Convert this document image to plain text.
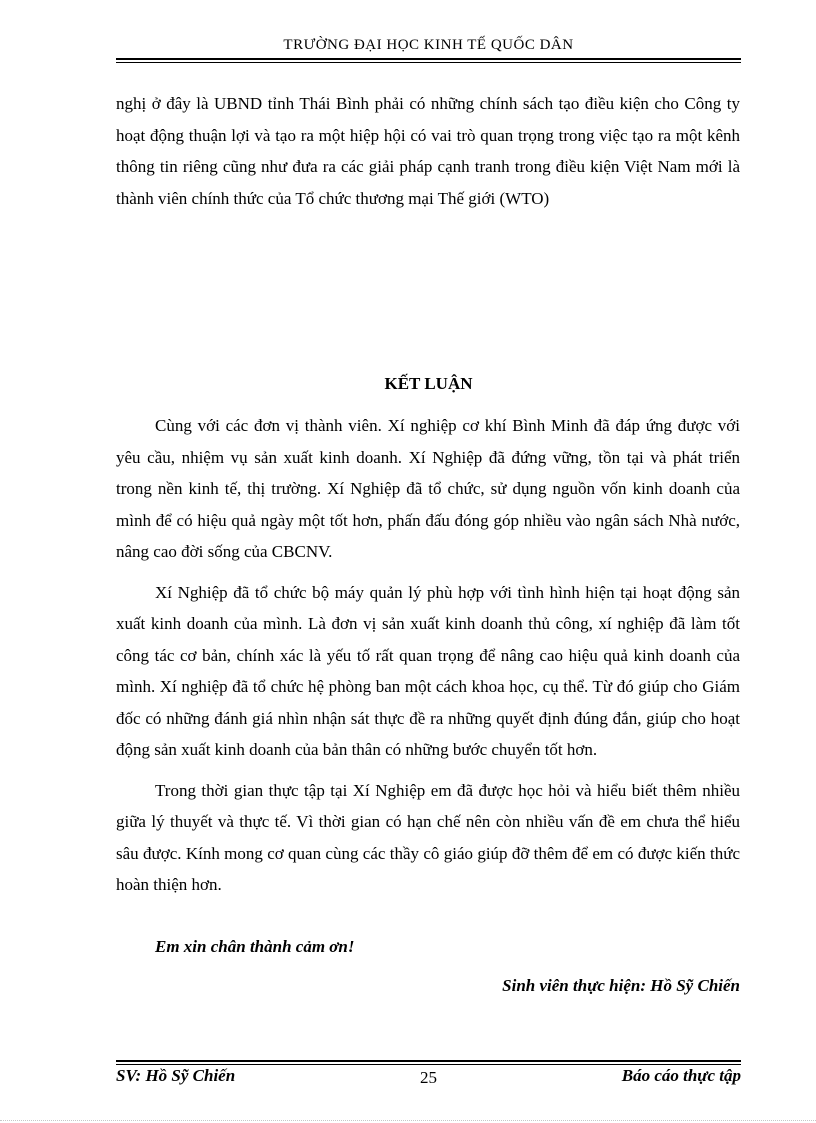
TRƯỜNG ĐẠI HỌC KINH TẾ QUỐC DÂN

nghị ở đây là UBND tỉnh Thái Bình phải có những chính sách tạo điều kiện cho Công ty hoạt động thuận lợi và tạo ra một hiệp hội có vai trò quan trọng trong việc tạo ra một kênh thông tin riêng cũng như đưa ra các giải pháp cạnh tranh trong điều kiện Việt Nam mới là thành viên chính thức của Tổ chức thương mại Thế giới (WTO)

KẾT LUẬN

Cùng với các đơn vị thành viên. Xí nghiệp cơ khí Bình Minh đã đáp ứng được với yêu cầu, nhiệm vụ sản xuất kinh doanh. Xí Nghiệp đã đứng vững, tồn tại và phát triển trong nền kinh tế, thị trường. Xí Nghiệp đã tổ chức, sử dụng nguồn vốn kinh doanh của mình để có hiệu quả ngày một tốt hơn, phấn đấu đóng góp nhiều vào ngân sách Nhà nước, nâng cao đời sống của CBCNV.

Xí Nghiệp đã tổ chức bộ máy quản lý phù hợp với tình hình hiện tại hoạt động sản xuất kinh doanh của mình. Là đơn vị sản xuất kinh doanh thủ công, xí nghiệp đã làm tốt công tác cơ bản, chính xác là yếu tố rất quan trọng để nâng cao hiệu quả kinh doanh của mình. Xí nghiệp đã tổ chức hệ phòng ban một cách khoa học, cụ thể. Từ đó giúp cho Giám đốc có những đánh giá nhìn nhận sát thực đề ra những quyết định đúng đắn, giúp cho hoạt động sản xuất kinh doanh của bản thân có những bước chuyển tốt hơn.

Trong thời gian thực tập tại Xí Nghiệp em đã được học hỏi và hiểu biết thêm nhiều giữa lý thuyết và thực tế. Vì thời gian có hạn chế nên còn nhiều vấn đề em chưa thể hiểu sâu được. Kính mong cơ quan cùng các thầy cô giáo giúp đỡ thêm để em có được kiến thức hoàn thiện hơn.

Em xin chân thành cảm ơn!
Sinh viên thực hiện: Hồ Sỹ Chiến
SV: Hồ Sỹ Chiến	25	Báo cáo thực tập
